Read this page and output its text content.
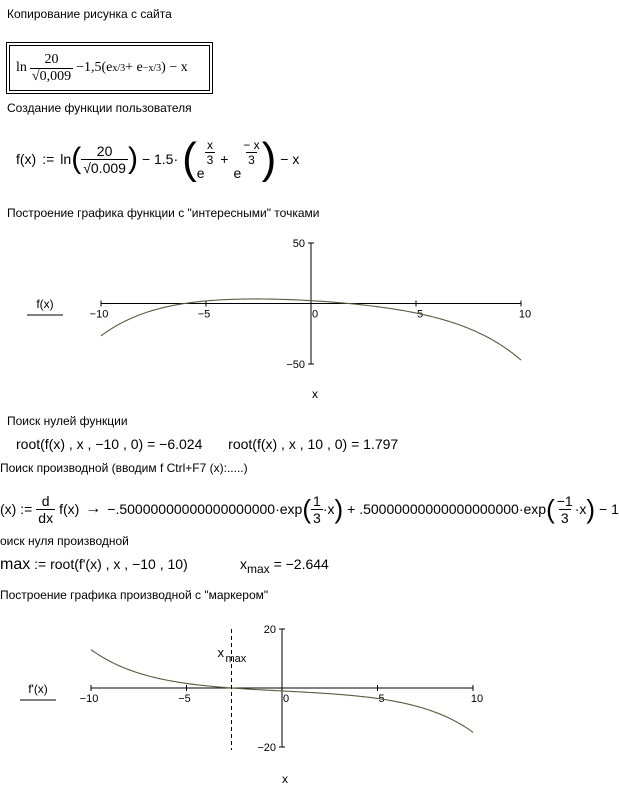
Копирование рисунка с сайта
$\ln \frac{20}{√0,009} -1,5(e$ x/3 + e −x/3 ) − x
Создание функции пользователя
f(x) := ln ( $\frac{20}{√0.009}$ ) − 1.5· ( e
$\frac{x}{3}$ +
e
$\frac{- x}{3}$ ) − x
Построение графика функции с "интересными" точками
−10	−5	0	5	10
50
−50
f(x)
x
Поиск нулей функции
root(f(x) , x , −10 , 0) = −6.024 root(f(x) , x , 10 , 0) = 1.797
Поиск производной (вводим f Ctrl+F7 (x):.....)
(x) := $\frac{d}{dx} f(x) \to -.50000000000000000000\cdot\exp$ ( $\frac{1}{3} \cdot x$ ) + .50000000000000000000·exp ( $\frac{-1}{3} \cdot x$ ) − 1
оиск нуля производной
max := root(f'(x) , x , −10 , 10)	$x_{max} = -2.644$
Построение графика производной с "маркером"
−10	−5	0	5	10
20
−20
f'(x)
x
x max
